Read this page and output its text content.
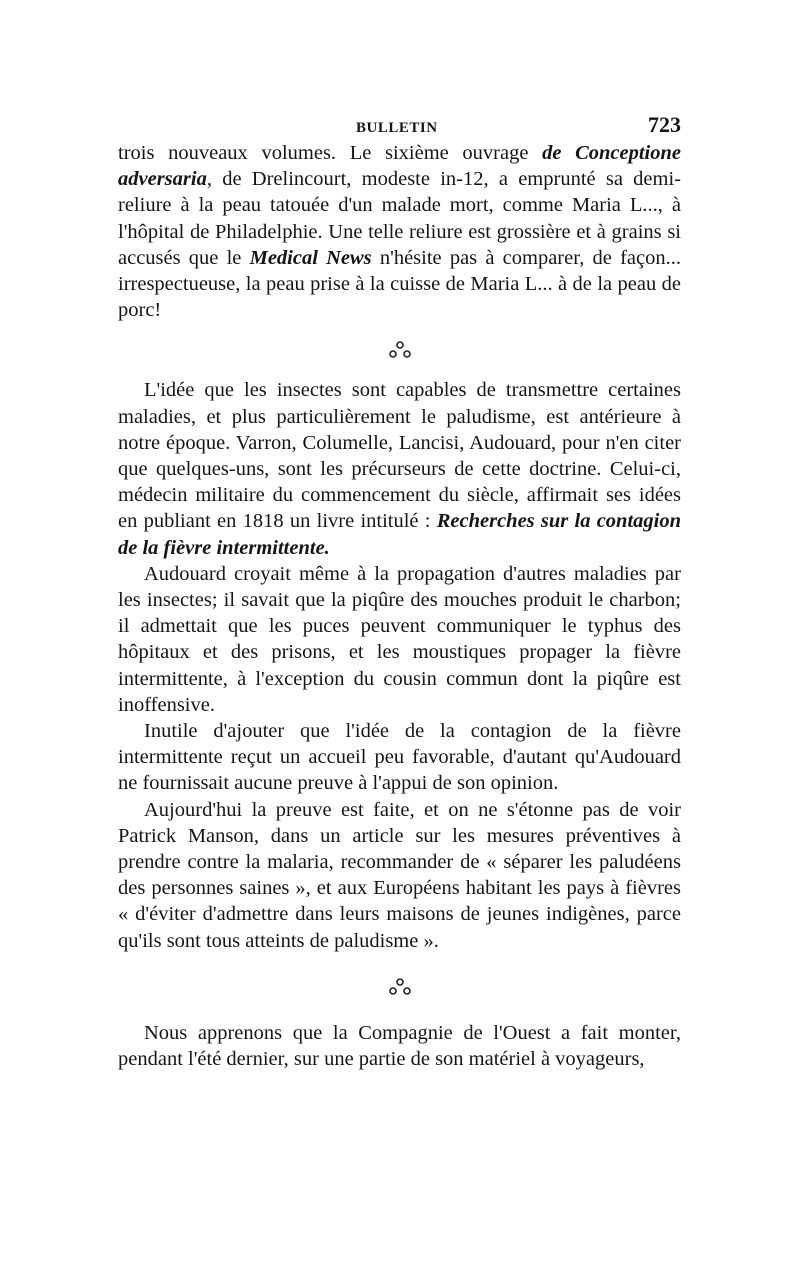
BULLETIN	723

trois nouveaux volumes. Le sixième ouvrage de Conceptione adversaria, de Drelincourt, modeste in-12, a emprunté sa demi-reliure à la peau tatouée d'un malade mort, comme Maria L..., à l'hôpital de Philadelphie. Une telle reliure est grossière et à grains si accusés que le Medical News n'hésite pas à comparer, de façon... irrespectueuse, la peau prise à la cuisse de Maria L... à de la peau de porc!

L'idée que les insectes sont capables de transmettre certaines maladies, et plus particulièrement le paludisme, est antérieure à notre époque. Varron, Columelle, Lancisi, Audouard, pour n'en citer que quelques-uns, sont les précurseurs de cette doctrine. Celui-ci, médecin militaire du commencement du siècle, affirmait ses idées en publiant en 1818 un livre intitulé : Recherches sur la contagion de la fièvre intermittente.

Audouard croyait même à la propagation d'autres maladies par les insectes; il savait que la piqûre des mouches produit le charbon; il admettait que les puces peuvent communiquer le typhus des hôpitaux et des prisons, et les moustiques propager la fièvre intermittente, à l'exception du cousin commun dont la piqûre est inoffensive.

Inutile d'ajouter que l'idée de la contagion de la fièvre intermittente reçut un accueil peu favorable, d'autant qu'Audouard ne fournissait aucune preuve à l'appui de son opinion.

Aujourd'hui la preuve est faite, et on ne s'étonne pas de voir Patrick Manson, dans un article sur les mesures préventives à prendre contre la malaria, recommander de « séparer les paludéens des personnes saines », et aux Européens habitant les pays à fièvres « d'éviter d'admettre dans leurs maisons de jeunes indigènes, parce qu'ils sont tous atteints de paludisme ».

Nous apprenons que la Compagnie de l'Ouest a fait monter, pendant l'été dernier, sur une partie de son matériel à voyageurs,
